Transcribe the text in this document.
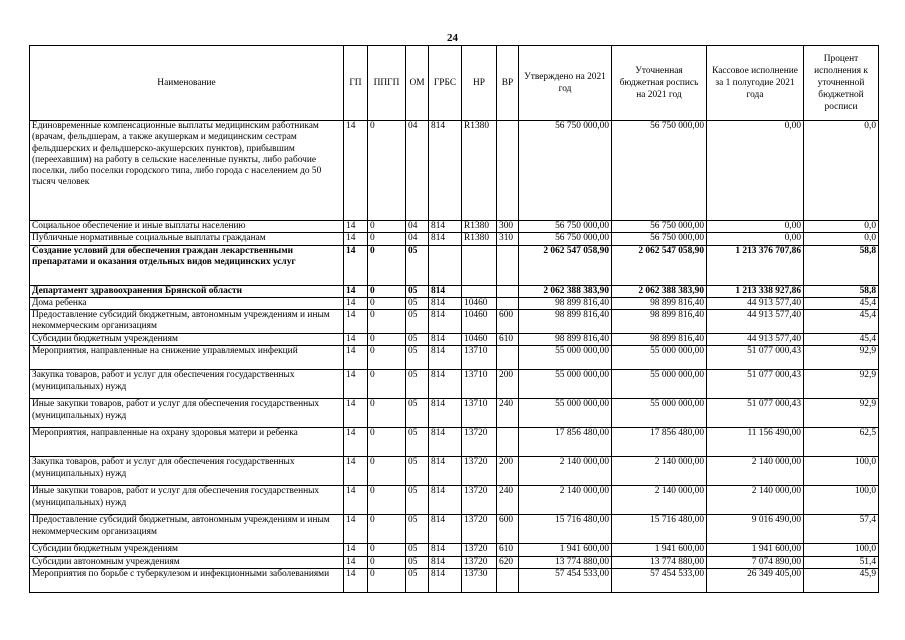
24
Наименование	ГП	ППГП	ОМ	ГРБС	НР	ВР	Утверждено на 2021 год	Уточненная бюджетная роспись на 2021 год	Кассовое исполнение за 1 полугодие 2021 года	Процент исполнения к уточненной бюджетной росписи
Единовременные компенсационные выплаты медицинским работникам (врачам, фельдшерам, а также акушеркам и медицинским сестрам фельдшерских и фельдшерско-акушерских пунктов), прибывшим (переехавшим) на работу в сельские населенные пункты, либо рабочие поселки, либо поселки городского типа, либо города с населением до 50 тысяч человек	14	0	04	814	R1380		56 750 000,00	56 750 000,00	0,00	0,0
Социальное обеспечение и иные выплаты населению	14	0	04	814	R1380	300	56 750 000,00	56 750 000,00	0,00	0,0
Публичные нормативные социальные выплаты гражданам	14	0	04	814	R1380	310	56 750 000,00	56 750 000,00	0,00	0,0
Создание условий для обеспечения граждан лекарственными препаратами и оказания отдельных видов медицинских услуг	14	0	05				2 062 547 058,90	2 062 547 058,90	1 213 376 707,86	58,8
Департамент здравоохранения Брянской области	14	0	05	814			2 062 388 383,90	2 062 388 383,90	1 213 338 927,86	58,8
Дома ребенка	14	0	05	814	10460		98 899 816,40	98 899 816,40	44 913 577,40	45,4
Предоставление субсидий бюджетным, автономным учреждениям и иным некоммерческим организациям	14	0	05	814	10460	600	98 899 816,40	98 899 816,40	44 913 577,40	45,4
Субсидии бюджетным учреждениям	14	0	05	814	10460	610	98 899 816,40	98 899 816,40	44 913 577,40	45,4
Мероприятия, направленные на снижение управляемых инфекций	14	0	05	814	13710		55 000 000,00	55 000 000,00	51 077 000,43	92,9
Закупка товаров, работ и услуг для обеспечения государственных (муниципальных) нужд	14	0	05	814	13710	200	55 000 000,00	55 000 000,00	51 077 000,43	92,9
Иные закупки товаров, работ и услуг для обеспечения государственных (муниципальных) нужд	14	0	05	814	13710	240	55 000 000,00	55 000 000,00	51 077 000,43	92,9
Мероприятия, направленные на охрану здоровья матери и ребенка	14	0	05	814	13720		17 856 480,00	17 856 480,00	11 156 490,00	62,5
Закупка товаров, работ и услуг для обеспечения государственных (муниципальных) нужд	14	0	05	814	13720	200	2 140 000,00	2 140 000,00	2 140 000,00	100,0
Иные закупки товаров, работ и услуг для обеспечения государственных (муниципальных) нужд	14	0	05	814	13720	240	2 140 000,00	2 140 000,00	2 140 000,00	100,0
Предоставление субсидий бюджетным, автономным учреждениям и иным некоммерческим организациям	14	0	05	814	13720	600	15 716 480,00	15 716 480,00	9 016 490,00	57,4
Субсидии бюджетным учреждениям	14	0	05	814	13720	610	1 941 600,00	1 941 600,00	1 941 600,00	100,0
Субсидии автономным учреждениям	14	0	05	814	13720	620	13 774 880,00	13 774 880,00	7 074 890,00	51,4
Мероприятия по борьбе с туберкулезом и инфекционными заболеваниями	14	0	05	814	13730		57 454 533,00	57 454 533,00	26 349 405,00	45,9
